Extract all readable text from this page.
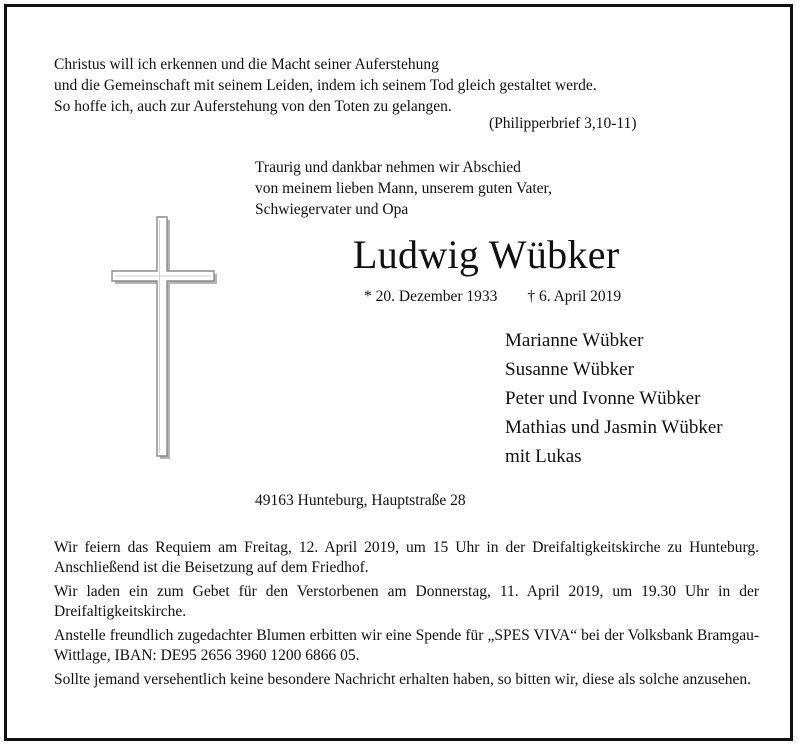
Christus will ich erkennen und die Macht seiner Auferstehung
und die Gemeinschaft mit seinem Leiden, indem ich seinem Tod gleich gestaltet werde.
So hoffe ich, auch zur Auferstehung von den Toten zu gelangen.
(Philipperbrief 3,10-11)
Traurig und dankbar nehmen wir Abschied
von meinem lieben Mann, unserem guten Vater,
Schwiegervater und Opa
Ludwig Wübker
* 20. Dezember 1933 † 6. April 2019
Marianne Wübker
Susanne Wübker
Peter und Ivonne Wübker
Mathias und Jasmin Wübker
mit Lukas
49163 Hunteburg, Hauptstraße 28

Wir feiern das Requiem am Freitag, 12. April 2019, um 15 Uhr in der Dreifaltigkeitskirche zu Hunteburg. Anschließend ist die Beisetzung auf dem Friedhof.

Wir laden ein zum Gebet für den Verstorbenen am Donnerstag, 11. April 2019, um 19.30 Uhr in der Dreifaltigkeitskirche.

Anstelle freundlich zugedachter Blumen erbitten wir eine Spende für „SPES VIVA“ bei der Volksbank Bramgau-Wittlage, IBAN: DE95 2656 3960 1200 6866 05.

Sollte jemand versehentlich keine besondere Nachricht erhalten haben, so bitten wir, diese als solche anzusehen.
